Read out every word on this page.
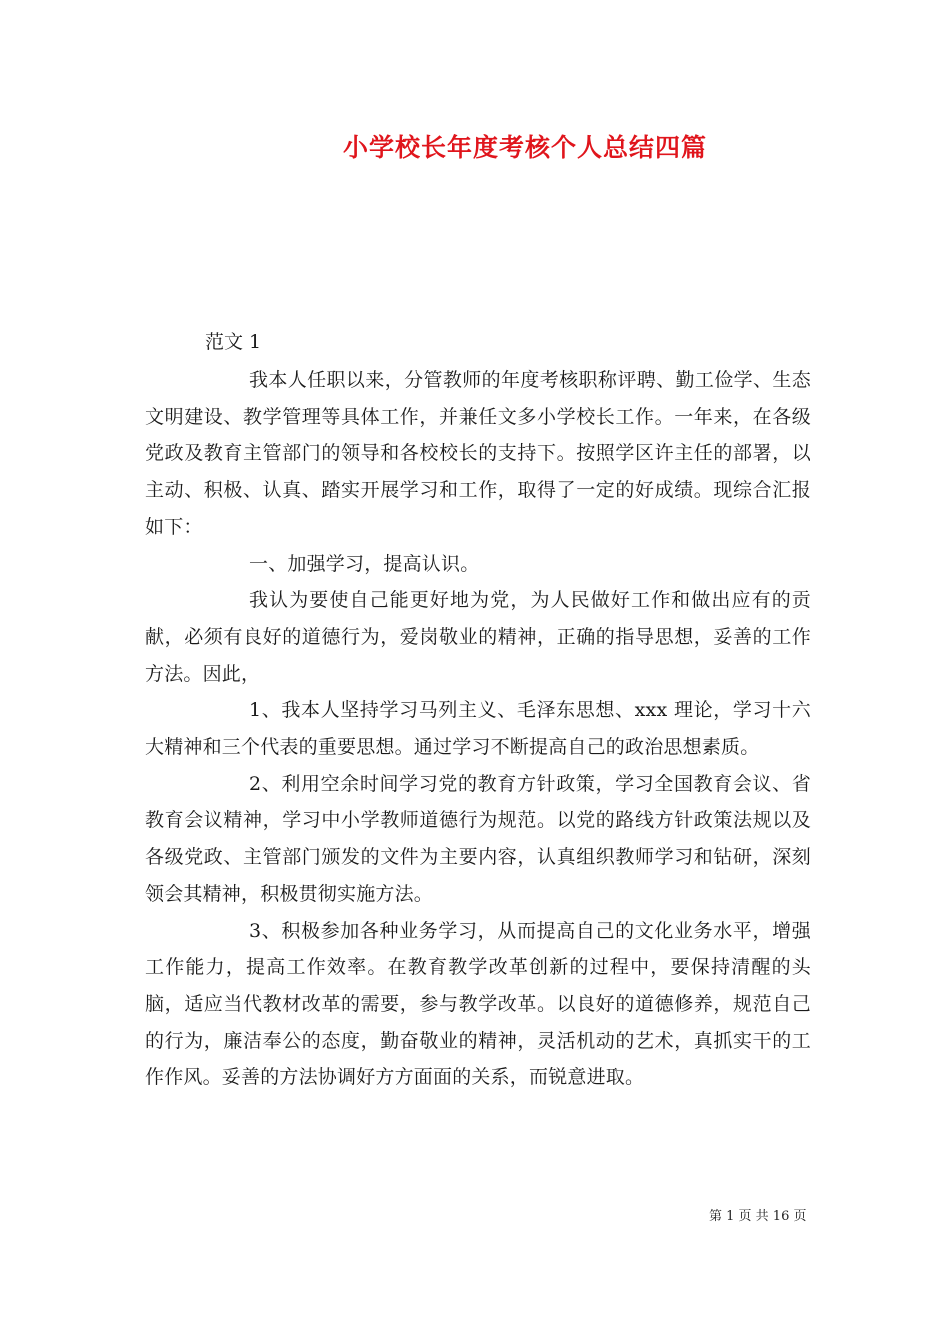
小学校长年度考核个人总结四篇
范文 1

我本人任职以来，分管教师的年度考核职称评聘、勤工俭学、生态文明建设、教学管理等具体工作，并兼任文多小学校长工作。一年来，在各级党政及教育主管部门的领导和各校校长的支持下。按照学区许主任的部署，以主动、积极、认真、踏实开展学习和工作，取得了一定的好成绩。现综合汇报如下：

一、加强学习，提高认识。

我认为要使自己能更好地为党，为人民做好工作和做出应有的贡献，必须有良好的道德行为，爱岗敬业的精神，正确的指导思想，妥善的工作方法。因此，

1、我本人坚持学习马列主义、毛泽东思想、xxx 理论，学习十六大精神和三个代表的重要思想。通过学习不断提高自己的政治思想素质。

2、利用空余时间学习党的教育方针政策，学习全国教育会议、省教育会议精神，学习中小学教师道德行为规范。以党的路线方针政策法规以及各级党政、主管部门颁发的文件为主要内容，认真组织教师学习和钻研，深刻领会其精神，积极贯彻实施方法。

3、积极参加各种业务学习，从而提高自己的文化业务水平，增强工作能力，提高工作效率。在教育教学改革创新的过程中，要保持清醒的头脑，适应当代教材改革的需要，参与教学改革。以良好的道德修养，规范自己的行为，廉洁奉公的态度，勤奋敬业的精神，灵活机动的艺术，真抓实干的工作作风。妥善的方法协调好方方面面的关系，而锐意进取。

第 1 页 共 16 页
